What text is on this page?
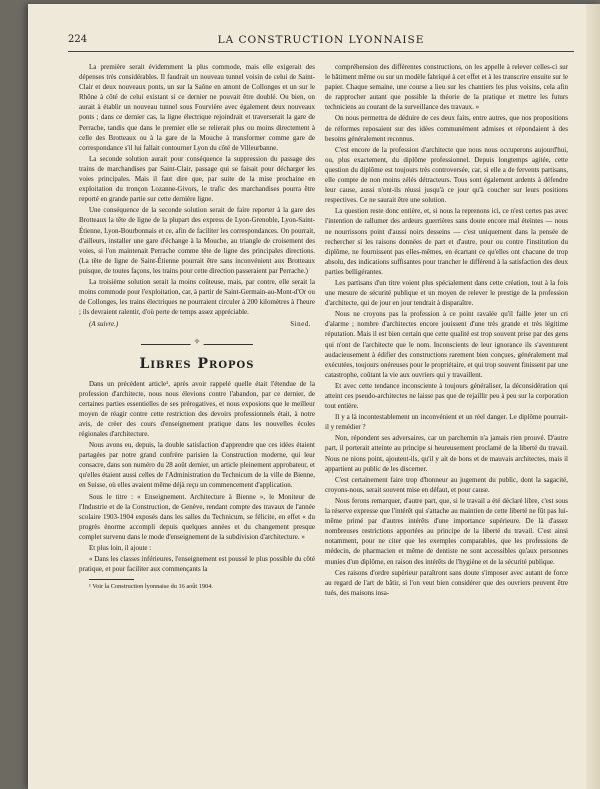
224	LA CONSTRUCTION LYONNAISE

La première serait évidemment la plus commode, mais elle exigerait des dépenses très considérables. Il faudrait un nouveau tunnel voisin de celui de Saint-Clair et deux nouveaux ponts, un sur la Saône en amont de Collonges et un sur le Rhône à côté de celui existant si ce dernier ne pouvait être doublé. Ou bien, on aurait à établir un nouveau tunnel sous Fourvière avec également deux nouveaux ponts ; dans ce dernier cas, la ligne électrique rejoindrait et traverserait la gare de Perrache, tandis que dans le premier elle se relierait plus ou moins directement à celle des Brotteaux ou à la gare de la Mouche à transformer comme gare de correspondance s'il lui fallait contourner Lyon du côté de Villeurbanne.

La seconde solution aurait pour conséquence la suppression du passage des trains de marchandises par Saint-Clair, passage qui se faisait pour décharger les voies principales. Mais il faut dire que, par suite de la mise prochaine en exploitation du tronçon Lozanne-Givors, le trafic des marchandises pourra être reporté en grande partie sur cette dernière ligne.

Une conséquence de la seconde solution serait de faire reporter à la gare des Brotteaux la tête de ligne de la plupart des express de Lyon-Grenoble, Lyon-Saint-Étienne, Lyon-Bourbonnais et ce, afin de faciliter les correspondances. On pourrait, d'ailleurs, installer une gare d'échange à la Mouche, au triangle de croisement des voies, si l'on maintenait Perrache comme tête de ligne des principales directions. (La tête de ligne de Saint-Étienne pourrait être sans inconvénient aux Brotteaux puisque, de toutes façons, les trains pour cette direction passeraient par Perrache.)

La troisième solution serait la moins coûteuse, mais, par contre, elle serait la moins commode pour l'exploitation, car, à partir de Saint-Germain-au-Mont-d'Or ou de Collonges, les trains électriques ne pourraient circuler à 200 kilomètres à l'heure ; ils devraient ralentir, d'où perte de temps assez appréciable.

(A suivre.)	Sined.
✧
Libres Propos

Dans un précédent article¹, après avoir rappelé quelle était l'étendue de la profession d'architecte, nous nous élevions contre l'abandon, par ce dernier, de certaines parties essentielles de ses prérogatives, et nous exposions que le meilleur moyen de réagir contre cette restriction des devoirs professionnels était, à notre avis, de créer des cours d'enseignement pratique dans les nouvelles écoles régionales d'architecture.

Nous avons eu, depuis, la double satisfaction d'apprendre que ces idées étaient partagées par notre grand confrère parisien la Construction moderne, qui leur consacre, dans son numéro du 28 août dernier, un article pleinement approbateur, et qu'elles étaient aussi celles de l'Administration du Technicum de la ville de Bienne, en Suisse, où elles avaient même déjà reçu un commencement d'application.

Sous le titre : « Enseignement. Architecture à Bienne », le Moniteur de l'Industrie et de la Construction, de Genève, rendant compte des travaux de l'année scolaire 1903-1904 exposés dans les salles du Technicum, se félicite, en effet « du progrès énorme accompli depuis quelques années et du changement presque complet survenu dans le mode d'enseignement de la subdivision d'architecture. »

Et plus loin, il ajoute :

« Dans les classes inférieures, l'enseignement est poussé le plus possible du côté pratique, et pour faciliter aux commençants la

¹ Voir la Construction lyonnaise du 16 août 1904.

compréhension des différentes constructions, on les appelle à relever celles-ci sur le bâtiment même ou sur un modèle fabriqué à cet effet et à les transcrire ensuite sur le papier. Chaque semaine, une course a lieu sur les chantiers les plus voisins, cela afin de rapprocher autant que possible la théorie de la pratique et mettre les futurs techniciens au courant de la surveillance des travaux. »

On nous permettra de déduire de ces deux faits, entre autres, que nos propositions de réformes reposaient sur des idées communément admises et répondaient à des besoins généralement reconnus.

C'est encore de la profession d'architecte que nous nous occuperons aujourd'hui, ou, plus exactement, du diplôme professionnel. Depuis longtemps agitée, cette question du diplôme est toujours très controversée, car, si elle a de fervents partisans, elle compte de non moins zélés détracteurs. Tous sont également ardents à défendre leur cause, aussi n'ont-ils réussi jusqu'à ce jour qu'à coucher sur leurs positions respectives. Ce ne saurait être une solution.

La question reste donc entière, et, si nous la reprenons ici, ce n'est certes pas avec l'intention de rallumer des ardeurs guerrières sans doute encore mal éteintes — nous ne nourrissons point d'aussi noirs desseins — c'est uniquement dans la pensée de rechercher si les raisons données de part et d'autre, pour ou contre l'institution du diplôme, ne fournissent pas elles-mêmes, en écartant ce qu'elles ont chacune de trop absolu, des indications suffisantes pour trancher le différend à la satisfaction des deux parties belligérantes.

Les partisans d'un titre voient plus spécialement dans cette création, tout à la fois une mesure de sécurité publique et un moyen de relever le prestige de la profession d'architecte, qui de jour en jour tendrait à disparaître.

Nous ne croyons pas la profession à ce point ravalée qu'il faille jeter un cri d'alarme ; nombre d'architectes encore jouissent d'une très grande et très légitime réputation. Mais il est bien certain que cette qualité est trop souvent prise par des gens qui n'ont de l'architecte que le nom. Inconscients de leur ignorance ils s'aventurent audacieusement à édifier des constructions rarement bien conçues, généralement mal exécutées, toujours onéreuses pour le propriétaire, et qui trop souvent finissent par une catastrophe, coûtant la vie aux ouvriers qui y travaillent.

Et avec cette tendance inconsciente à toujours généraliser, la déconsidération qui atteint ces pseudo-architectes ne laisse pas que de rejaillir peu à peu sur la corporation tout entière.

Il y a là incontestablement un inconvénient et un réel danger. Le diplôme pourrait-il y remédier ?

Non, répondent ses adversaires, car un parchemin n'a jamais rien prouvé. D'autre part, il porterait atteinte au principe si heureusement proclamé de la liberté du travail. Nous ne nions point, ajoutent-ils, qu'il y ait de bons et de mauvais architectes, mais il appartient au public de les discerner.

C'est certainement faire trop d'honneur au jugement du public, dont la sagacité, croyons-nous, serait souvent mise en défaut, et pour cause.

Nous ferons remarquer, d'autre part, que, si le travail a été déclaré libre, c'est sous la réserve expresse que l'intérêt qui s'attache au maintien de cette liberté ne fût pas lui-même primé par d'autres intérêts d'une importance supérieure. De là d'assez nombreuses restrictions apportées au principe de la liberté du travail. C'est ainsi notamment, pour ne citer que les exemples comparables, que les professions de médecin, de pharmacien et même de dentiste ne sont accessibles qu'aux personnes munies d'un diplôme, en raison des intérêts de l'hygiène et de la sécurité publique.

Ces raisons d'ordre supérieur paraîtront sans doute s'imposer avec autant de force au regard de l'art de bâtir, si l'on veut bien considérer que des ouvriers peuvent être tués, des maisons insa-
